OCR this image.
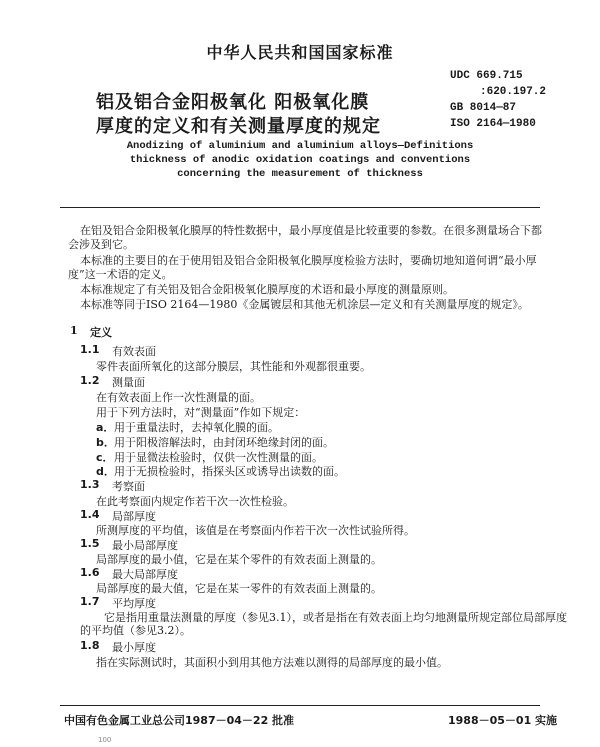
中华人民共和国国家标准
铝及铝合金阳极氧化 阳极氧化膜
厚度的定义和有关测量厚度的规定
UDC 669.715
:620.197.2
GB 8014—87
ISO 2164—1980
Anodizing of aluminium and aluminium alloys—Definitions
thickness of anodic oxidation coatings and conventions
concerning the measurement of thickness
在铝及铝合金阳极氧化膜厚的特性数据中，最小厚度值是比较重要的参数。在很多测量场合下都
会涉及到它。
本标准的主要目的在于使用铝及铝合金阳极氧化膜厚度检验方法时，要确切地知道何谓“最小厚
度”这一术语的定义。
本标准规定了有关铝及铝合金阳极氧化膜厚度的术语和最小厚度的测量原则。
本标准等同于ISO 2164—1980《金属镀层和其他无机涂层—定义和有关测量厚度的规定》。
1 定义
1.1 有效表面
零件表面所氧化的这部分膜层，其性能和外观都很重要。
1.2 测量面
在有效表面上作一次性测量的面。
用于下列方法时，对“测量面”作如下规定：
a． 用于重量法时，去掉氧化膜的面。
b． 用于阳极溶解法时，由封闭环绝缘封闭的面。
c． 用于显微法检验时，仅供一次性测量的面。
d． 用于无损检验时，指探头区或诱导出读数的面。
1.3 考察面
在此考察面内规定作若干次一次性检验。
1.4 局部厚度
所测厚度的平均值，该值是在考察面内作若干次一次性试验所得。
1.5 最小局部厚度
局部厚度的最小值，它是在某个零件的有效表面上测量的。
1.6 最大局部厚度
局部厚度的最大值，它是在某一零件的有效表面上测量的。
1.7 平均厚度
它是指用重量法测量的厚度（参见3.1），或者是指在有效表面上均匀地测量所规定部位局部厚度
的平均值（参见3.2）。
1.8 最小厚度
指在实际测试时，其面积小到用其他方法难以测得的局部厚度的最小值。
中国有色金属工业总公司1987－04－22 批准	1988－05－01 实施
100
